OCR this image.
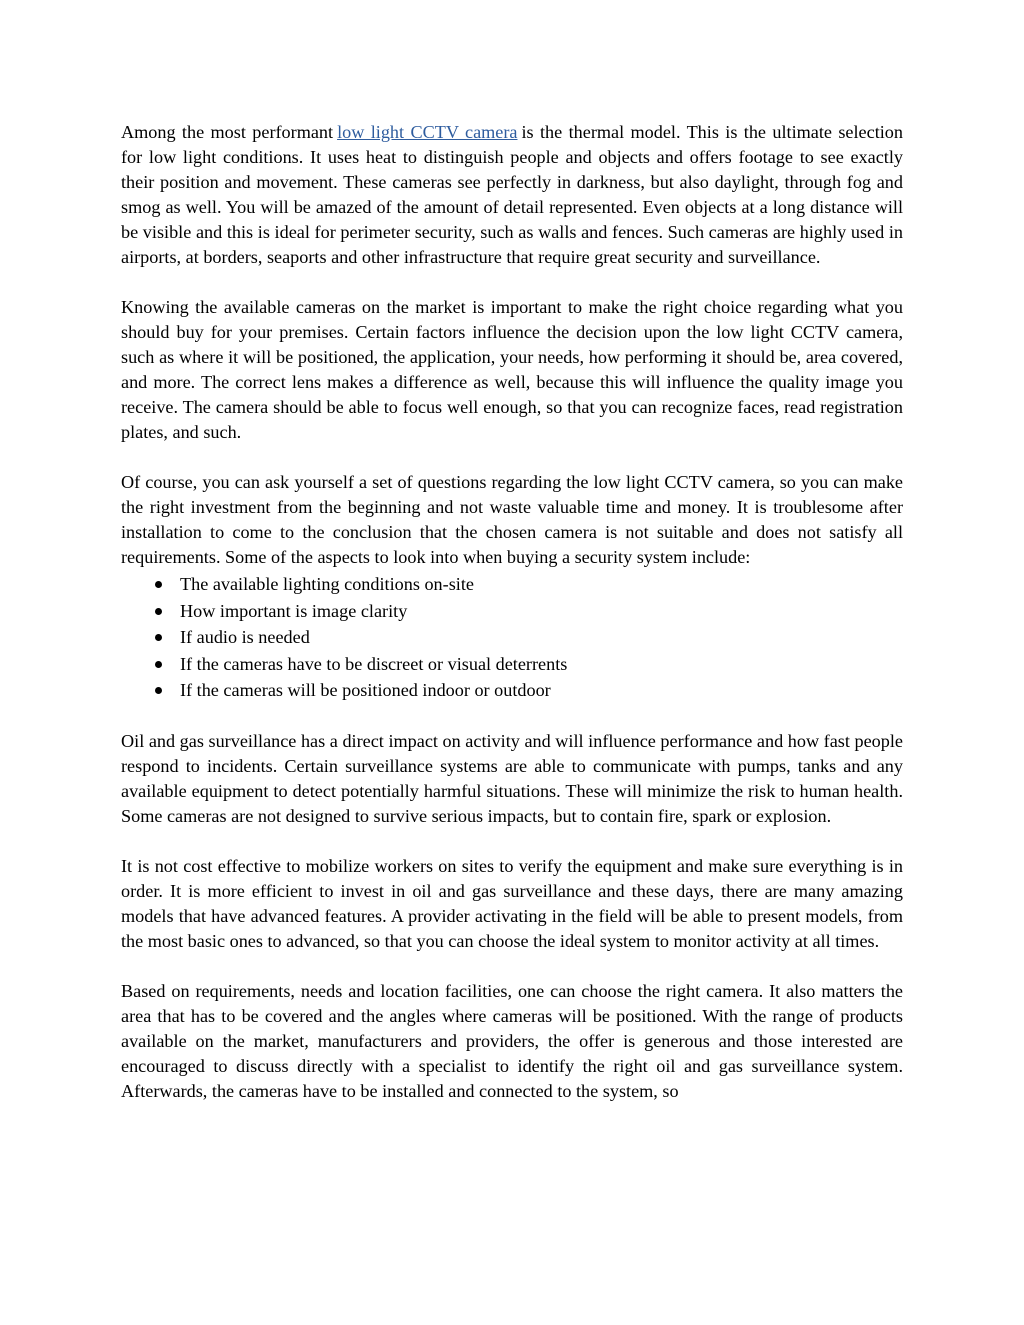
Among the most performant low light CCTV camera is the thermal model. This is the ultimate selection for low light conditions. It uses heat to distinguish people and objects and offers footage to see exactly their position and movement. These cameras see perfectly in darkness, but also daylight, through fog and smog as well. You will be amazed of the amount of detail represented. Even objects at a long distance will be visible and this is ideal for perimeter security, such as walls and fences. Such cameras are highly used in airports, at borders, seaports and other infrastructure that require great security and surveillance.

Knowing the available cameras on the market is important to make the right choice regarding what you should buy for your premises. Certain factors influence the decision upon the low light CCTV camera, such as where it will be positioned, the application, your needs, how performing it should be, area covered, and more. The correct lens makes a difference as well, because this will influence the quality image you receive. The camera should be able to focus well enough, so that you can recognize faces, read registration plates, and such.

Of course, you can ask yourself a set of questions regarding the low light CCTV camera, so you can make the right investment from the beginning and not waste valuable time and money. It is troublesome after installation to come to the conclusion that the chosen camera is not suitable and does not satisfy all requirements. Some of the aspects to look into when buying a security system include:

The available lighting conditions on-site
How important is image clarity
If audio is needed
If the cameras have to be discreet or visual deterrents
If the cameras will be positioned indoor or outdoor

Oil and gas surveillance has a direct impact on activity and will influence performance and how fast people respond to incidents. Certain surveillance systems are able to communicate with pumps, tanks and any available equipment to detect potentially harmful situations. These will minimize the risk to human health. Some cameras are not designed to survive serious impacts, but to contain fire, spark or explosion.

It is not cost effective to mobilize workers on sites to verify the equipment and make sure everything is in order. It is more efficient to invest in oil and gas surveillance and these days, there are many amazing models that have advanced features. A provider activating in the field will be able to present models, from the most basic ones to advanced, so that you can choose the ideal system to monitor activity at all times.

Based on requirements, needs and location facilities, one can choose the right camera. It also matters the area that has to be covered and the angles where cameras will be positioned. With the range of products available on the market, manufacturers and providers, the offer is generous and those interested are encouraged to discuss directly with a specialist to identify the right oil and gas surveillance system. Afterwards, the cameras have to be installed and connected to the system, so
